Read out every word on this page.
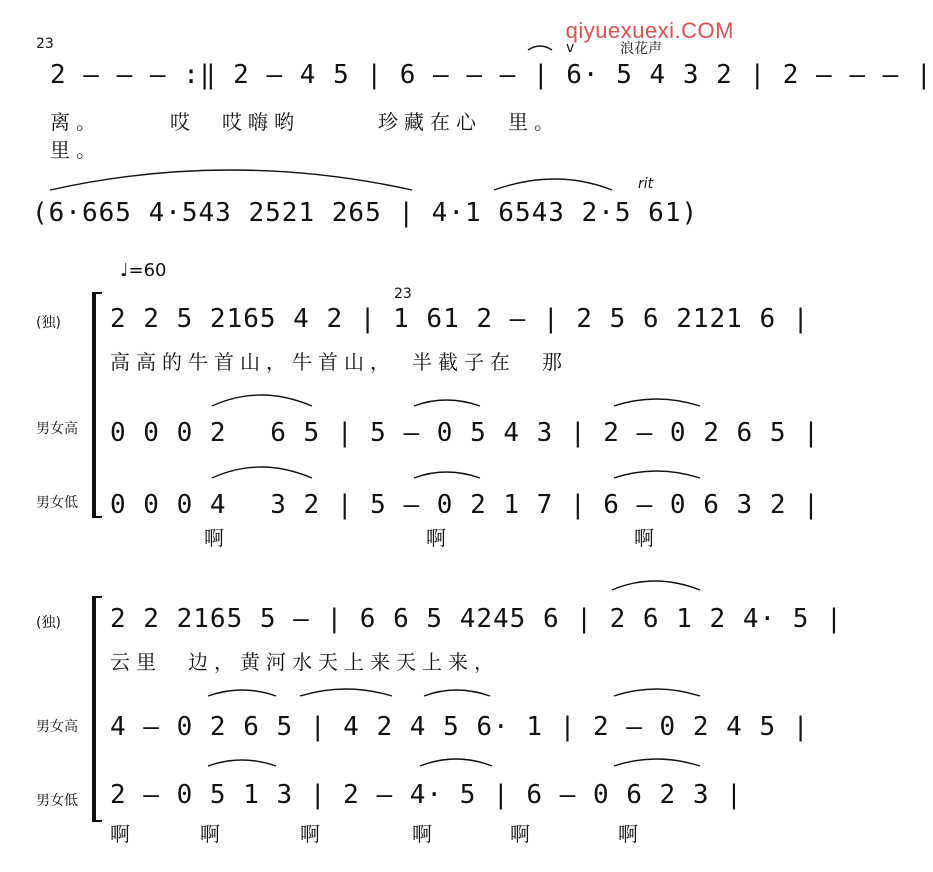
qiyuexuexi.COM
23	v	浪花声
2 – – – :‖ 2 – 4 5 | 6 – – – | 6· 5 4 3 2 | 2 – – – |
离。　　　哎　哎嗨哟　　　珍藏在心　里。
里。
rit
(6·665 4·543 2521 265 | 4·1 6543 2·5 61)
♩=60
(独)
男女高
男女低
23
2 2 5 2165 4 2 | 1 61 2 – | 2 5 6 2121 6 |
高高的牛首山，牛首山，　半截子在　那
0 0 0 2　 6 5 | 5 – 0 5 4 3 | 2 – 0 2 6 5 |
0 0 0 4　 3 2 | 5 – 0 2 1 7 | 6 – 0 6 3 2 |
啊	啊	啊
(独)
男女高
男女低
2 2 2165 5 – | 6 6 5 4245 6 | 2 6 1 2 4· 5 |
云里　边，黄河水天上来天上来，
4 – 0 2 6 5 | 4 2 4 5 6· 1 | 2 – 0 2 4 5 |
2 – 0 5 1 3 | 2 – 4· 5 | 6 – 0 6 2 3 |
啊	啊	啊	啊	啊	啊
